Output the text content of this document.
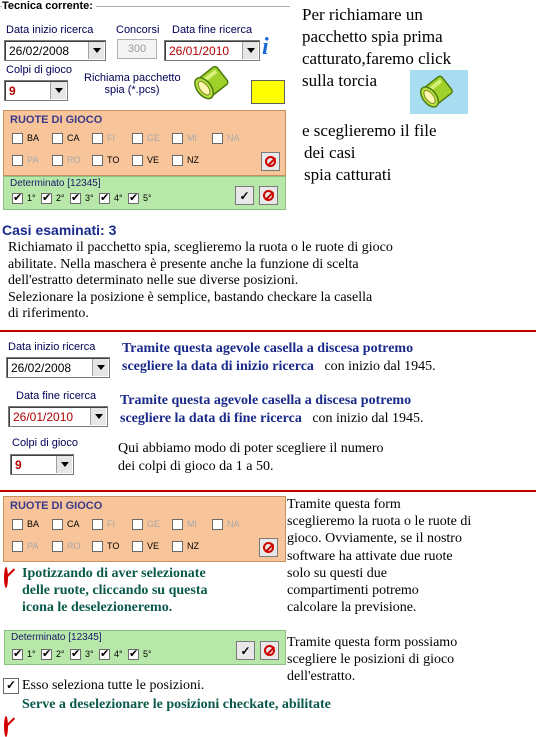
Tecnica corrente:
Data inizio ricerca
26/02/2008
Concorsi
300
Data fine ricerca
26/01/2010 i
Colpi di gioco
9
Richiama pacchetto
spia (*.pcs)
RUOTE DI GIOCO
BA	CA	FI	GE	MI	NA
PA	RO	TO	VE	NZ
Determinato [12345]
✔
1° ✔ 2° ✔ 3° ✔ 4° ✔ 5°	✓
Per richiamare un
pacchetto spia prima
catturato,faremo click
sulla torcia
e sceglieremo il file
dei casi
spia catturati
Casi esaminati: 3
Richiamato il pacchetto spia, sceglieremo la ruota o le ruote di gioco
abilitate. Nella maschera è presente anche la funzione di scelta
dell'estratto determinato nelle sue diverse posizioni.
Selezionare la posizione è semplice, bastando checkare la casella
di riferimento.
Data inizio ricerca
26/02/2008
Tramite questa agevole casella a discesa potremo
scegliere la data di inizio ricerca con inizio dal 1945.
Data fine ricerca
26/01/2010
Tramite questa agevole casella a discesa potremo
scegliere la data di fine ricerca con inizio dal 1945.
Colpi di gioco
9
Qui abbiamo modo di poter scegliere il numero
dei colpi di gioco da 1 a 50.
RUOTE DI GIOCO
BA	CA	FI	GE	MI	NA
PA	RO	TO	VE	NZ
Tramite questa form
sceglieremo la ruota o le ruote di
gioco. Ovviamente, se il nostro
software ha attivate due ruote
solo su questi due
compartimenti potremo
calcolare la previsione.
Ipotizzando di aver selezionate
delle ruote, cliccando su questa
icona le deselezioneremo.
Determinato [12345]
✔
1° ✔ 2° ✔ 3° ✔ 4° ✔ 5°	✓
Tramite questa form possiamo
scegliere le posizioni di gioco
dell'estratto.
✓ Esso seleziona tutte le posizioni.
Serve a deselezionare le posizioni checkate, abilitate
